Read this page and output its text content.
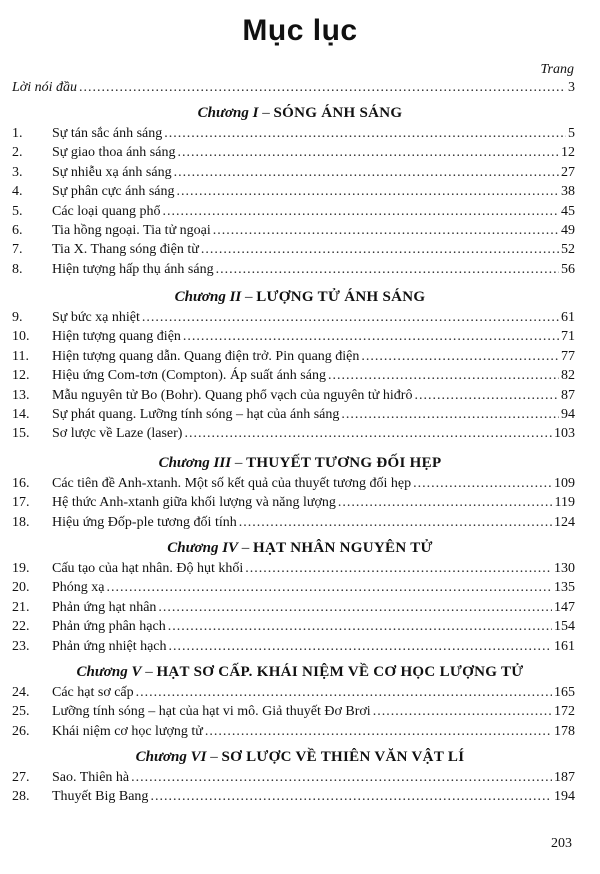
Mục lục
Trang
Lời nói đầu .....	3
Chương I – SÓNG ÁNH SÁNG
1.	Sự tán sắc ánh sáng .....	5
2.	Sự giao thoa ánh sáng .....	12
3.	Sự nhiễu xạ ánh sáng .....	27
4.	Sự phân cực ánh sáng .....	38
5.	Các loại quang phổ .....	45
6.	Tia hồng ngoại. Tia tử ngoại .....	49
7.	Tia X. Thang sóng điện từ .....	52
8.	Hiện tượng hấp thụ ánh sáng .....	56
Chương II – LƯỢNG TỬ ÁNH SÁNG
9.	Sự bức xạ nhiệt .....	61
10.	Hiện tượng quang điện .....	71
11.	Hiện tượng quang dẫn. Quang điện trở. Pin quang điện .....	77
12.	Hiệu ứng Com-tơn (Compton). Áp suất ánh sáng .....	82
13.	Mẫu nguyên tử Bo (Bohr). Quang phổ vạch của nguyên tử hiđrô .....	87
14.	Sự phát quang. Lưỡng tính sóng – hạt của ánh sáng .....	94
15.	Sơ lược về Laze (laser) .....	103
Chương III – THUYẾT TƯƠNG ĐỐI HẸP
16.	Các tiên đề Anh-xtanh. Một số kết quả của thuyết tương đối hẹp .....	109
17.	Hệ thức Anh-xtanh giữa khối lượng và năng lượng .....	119
18.	Hiệu ứng Đốp-ple tương đối tính .....	124
Chương IV – HẠT NHÂN NGUYÊN TỬ
19.	Cấu tạo của hạt nhân. Độ hụt khối .....	130
20.	Phóng xạ .....	135
21.	Phản ứng hạt nhân .....	147
22.	Phản ứng phân hạch .....	154
23.	Phản ứng nhiệt hạch .....	161
Chương V – HẠT SƠ CẤP. KHÁI NIỆM VỀ CƠ HỌC LƯỢNG TỬ
24.	Các hạt sơ cấp .....	165
25.	Lưỡng tính sóng – hạt của hạt vi mô. Giả thuyết Đơ Brơi .....	172
26.	Khái niệm cơ học lượng tử .....	178
Chương VI – SƠ LƯỢC VỀ THIÊN VĂN VẬT LÍ
27.	Sao. Thiên hà .....	187
28.	Thuyết Big Bang .....	194
203
